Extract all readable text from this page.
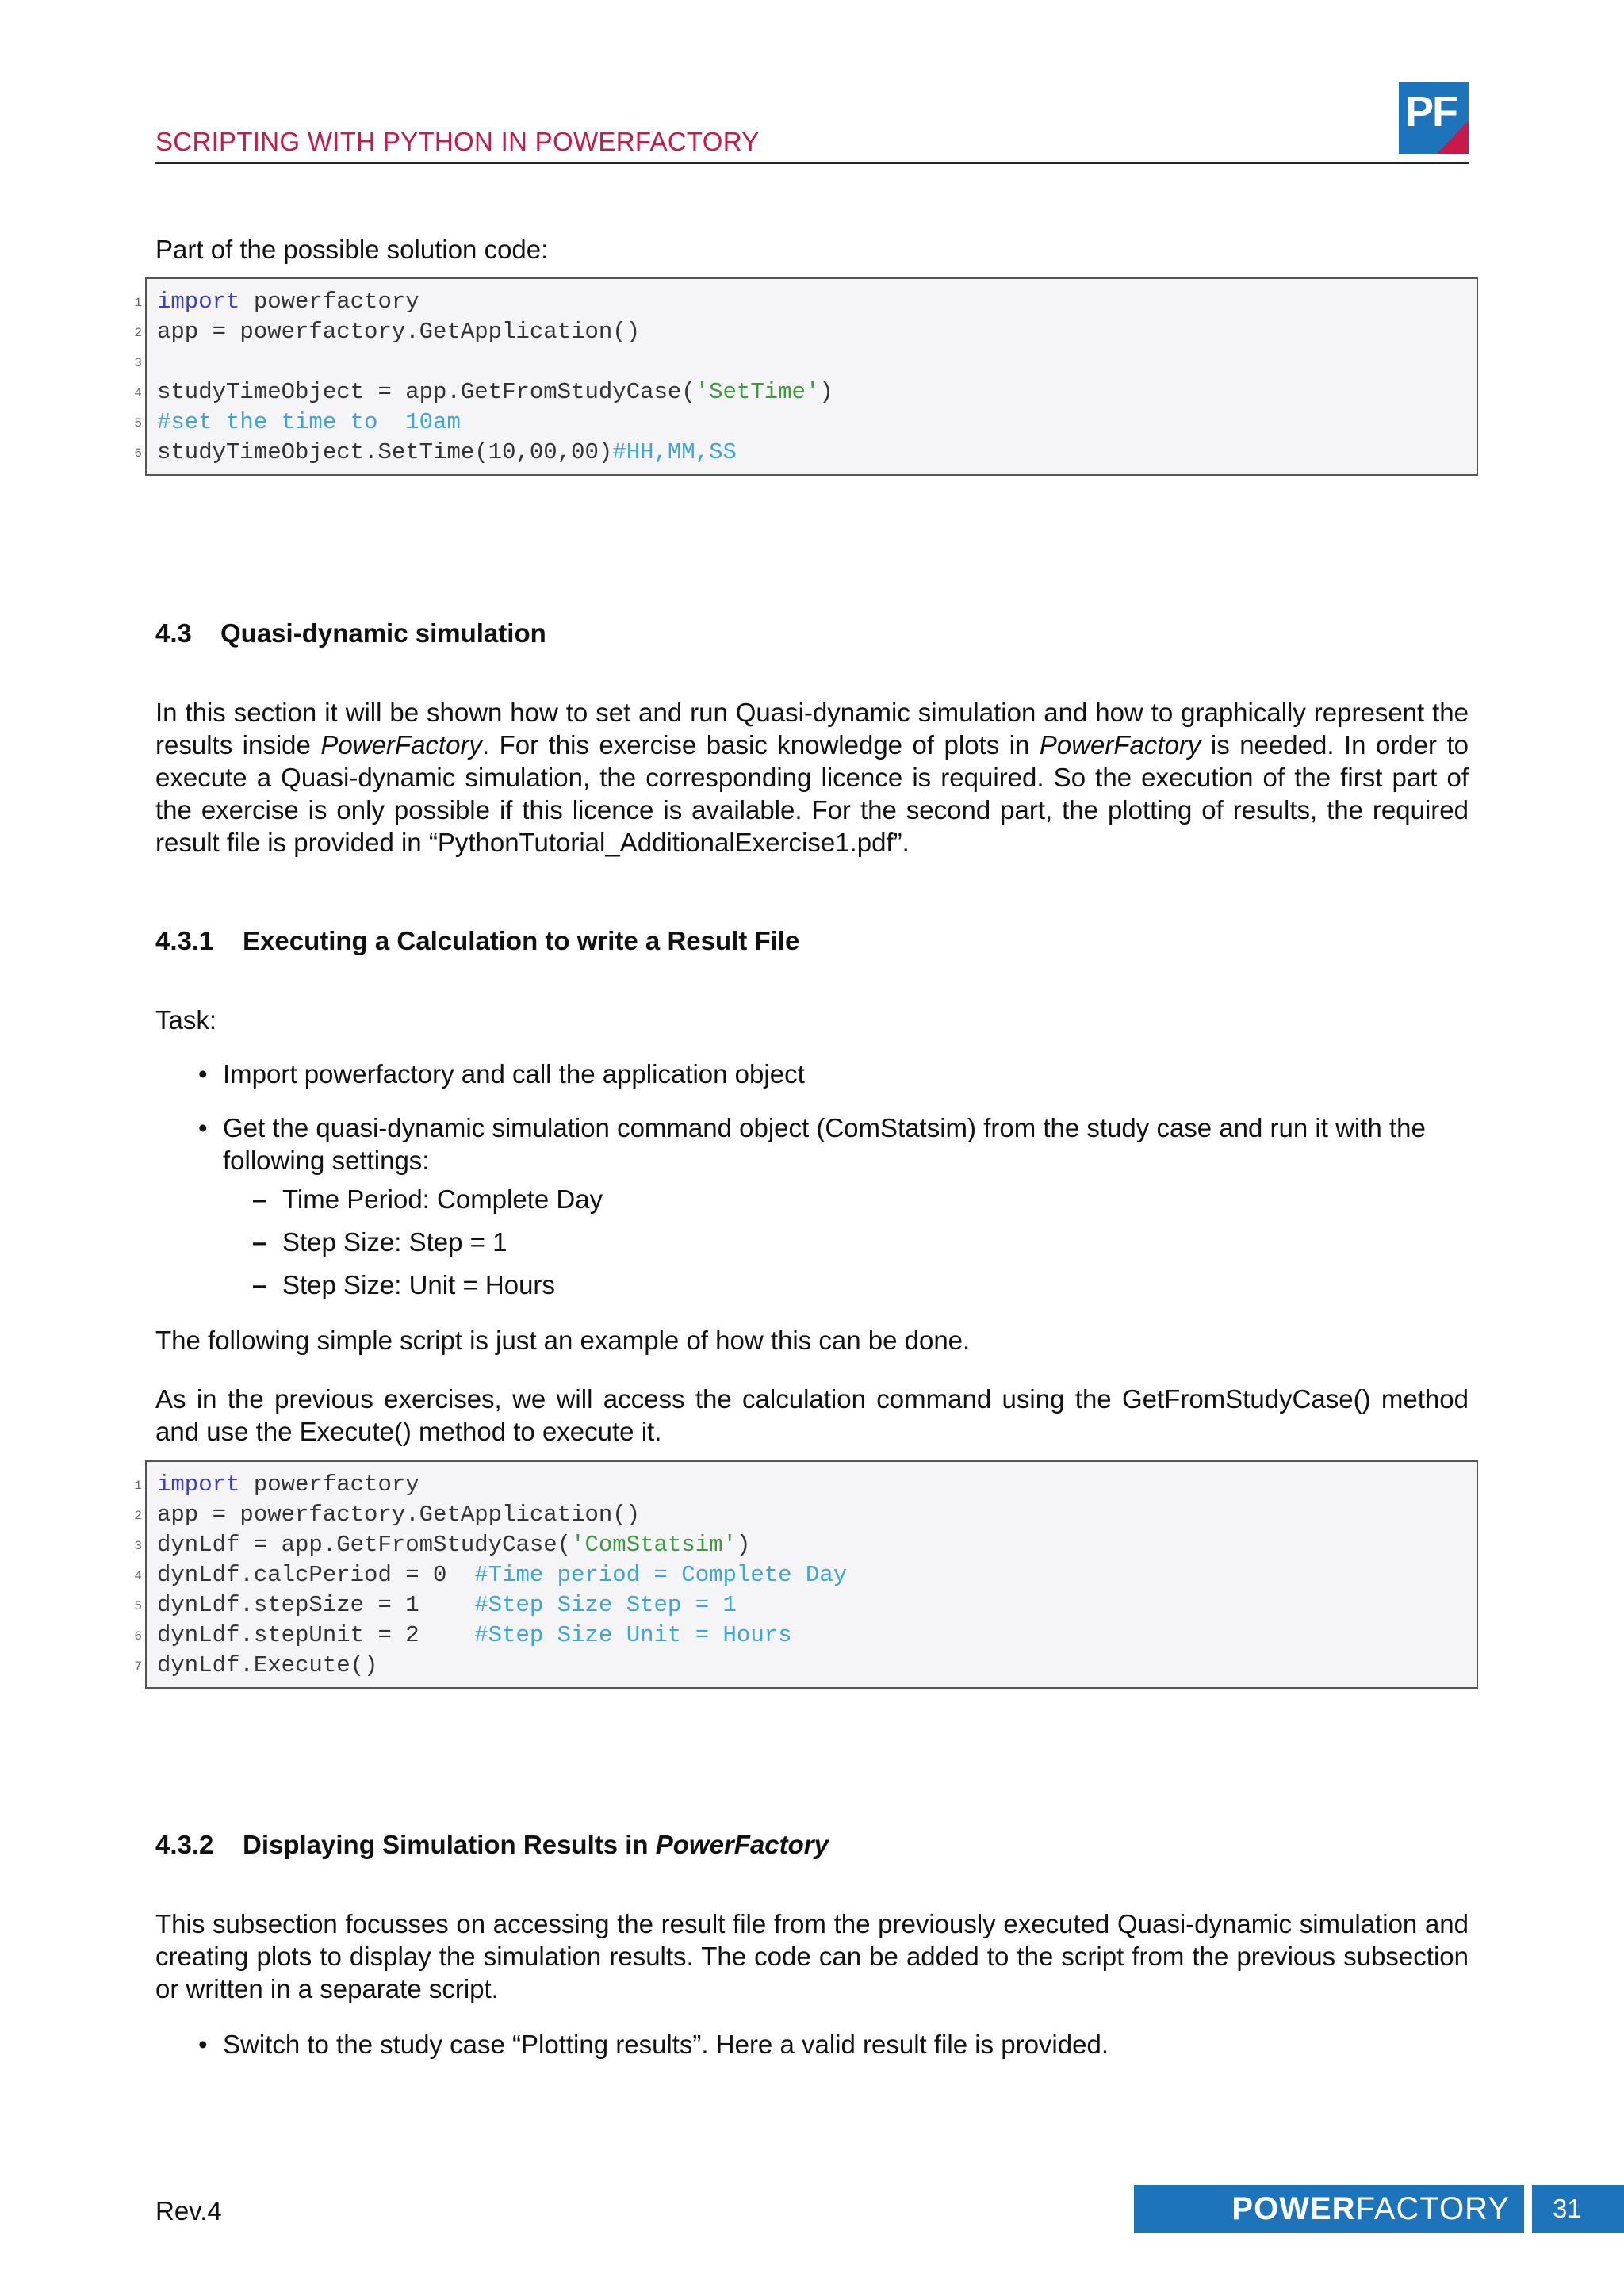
SCRIPTING WITH PYTHON IN POWERFACTORY
PF
Part of the possible solution code:
import powerfactory
app = powerfactory.GetApplication()
studyTimeObject = app.GetFromStudyCase('SetTime')
#set the time to  10am
studyTimeObject.SetTime(10,00,00)#HH,MM,SS
1
2
3
4
5
6
4.3 Quasi-dynamic simulation
In this section it will be shown how to set and run Quasi-dynamic simulation and how to graphically represent the results inside PowerFactory. For this exercise basic knowledge of plots in PowerFactory is needed. In order to execute a Quasi-dynamic simulation, the corresponding licence is required. So the execution of the first part of the exercise is only possible if this licence is available. For the second part, the plotting of results, the required result file is provided in “PythonTutorial_AdditionalExercise1.pdf”.
4.3.1 Executing a Calculation to write a Result File
Task:
• Import powerfactory and call the application object
• Get the quasi-dynamic simulation command object (ComStatsim) from the study case and run it with the following settings:
– Time Period: Complete Day
– Step Size: Step = 1
– Step Size: Unit = Hours
The following simple script is just an example of how this can be done.
As in the previous exercises, we will access the calculation command using the GetFromStudyCase() method and use the Execute() method to execute it.
import powerfactory
app = powerfactory.GetApplication()
dynLdf = app.GetFromStudyCase('ComStatsim')
dynLdf.calcPeriod = 0  #Time period = Complete Day
dynLdf.stepSize = 1    #Step Size Step = 1
dynLdf.stepUnit = 2    #Step Size Unit = Hours
dynLdf.Execute()
1
2
3
4
5
6
7
4.3.2 Displaying Simulation Results in PowerFactory
This subsection focusses on accessing the result file from the previously executed Quasi-dynamic simulation and creating plots to display the simulation results. The code can be added to the script from the previous subsection or written in a separate script.
• Switch to the study case “Plotting results”. Here a valid result file is provided.
Rev.4	POWERFACTORY	31
